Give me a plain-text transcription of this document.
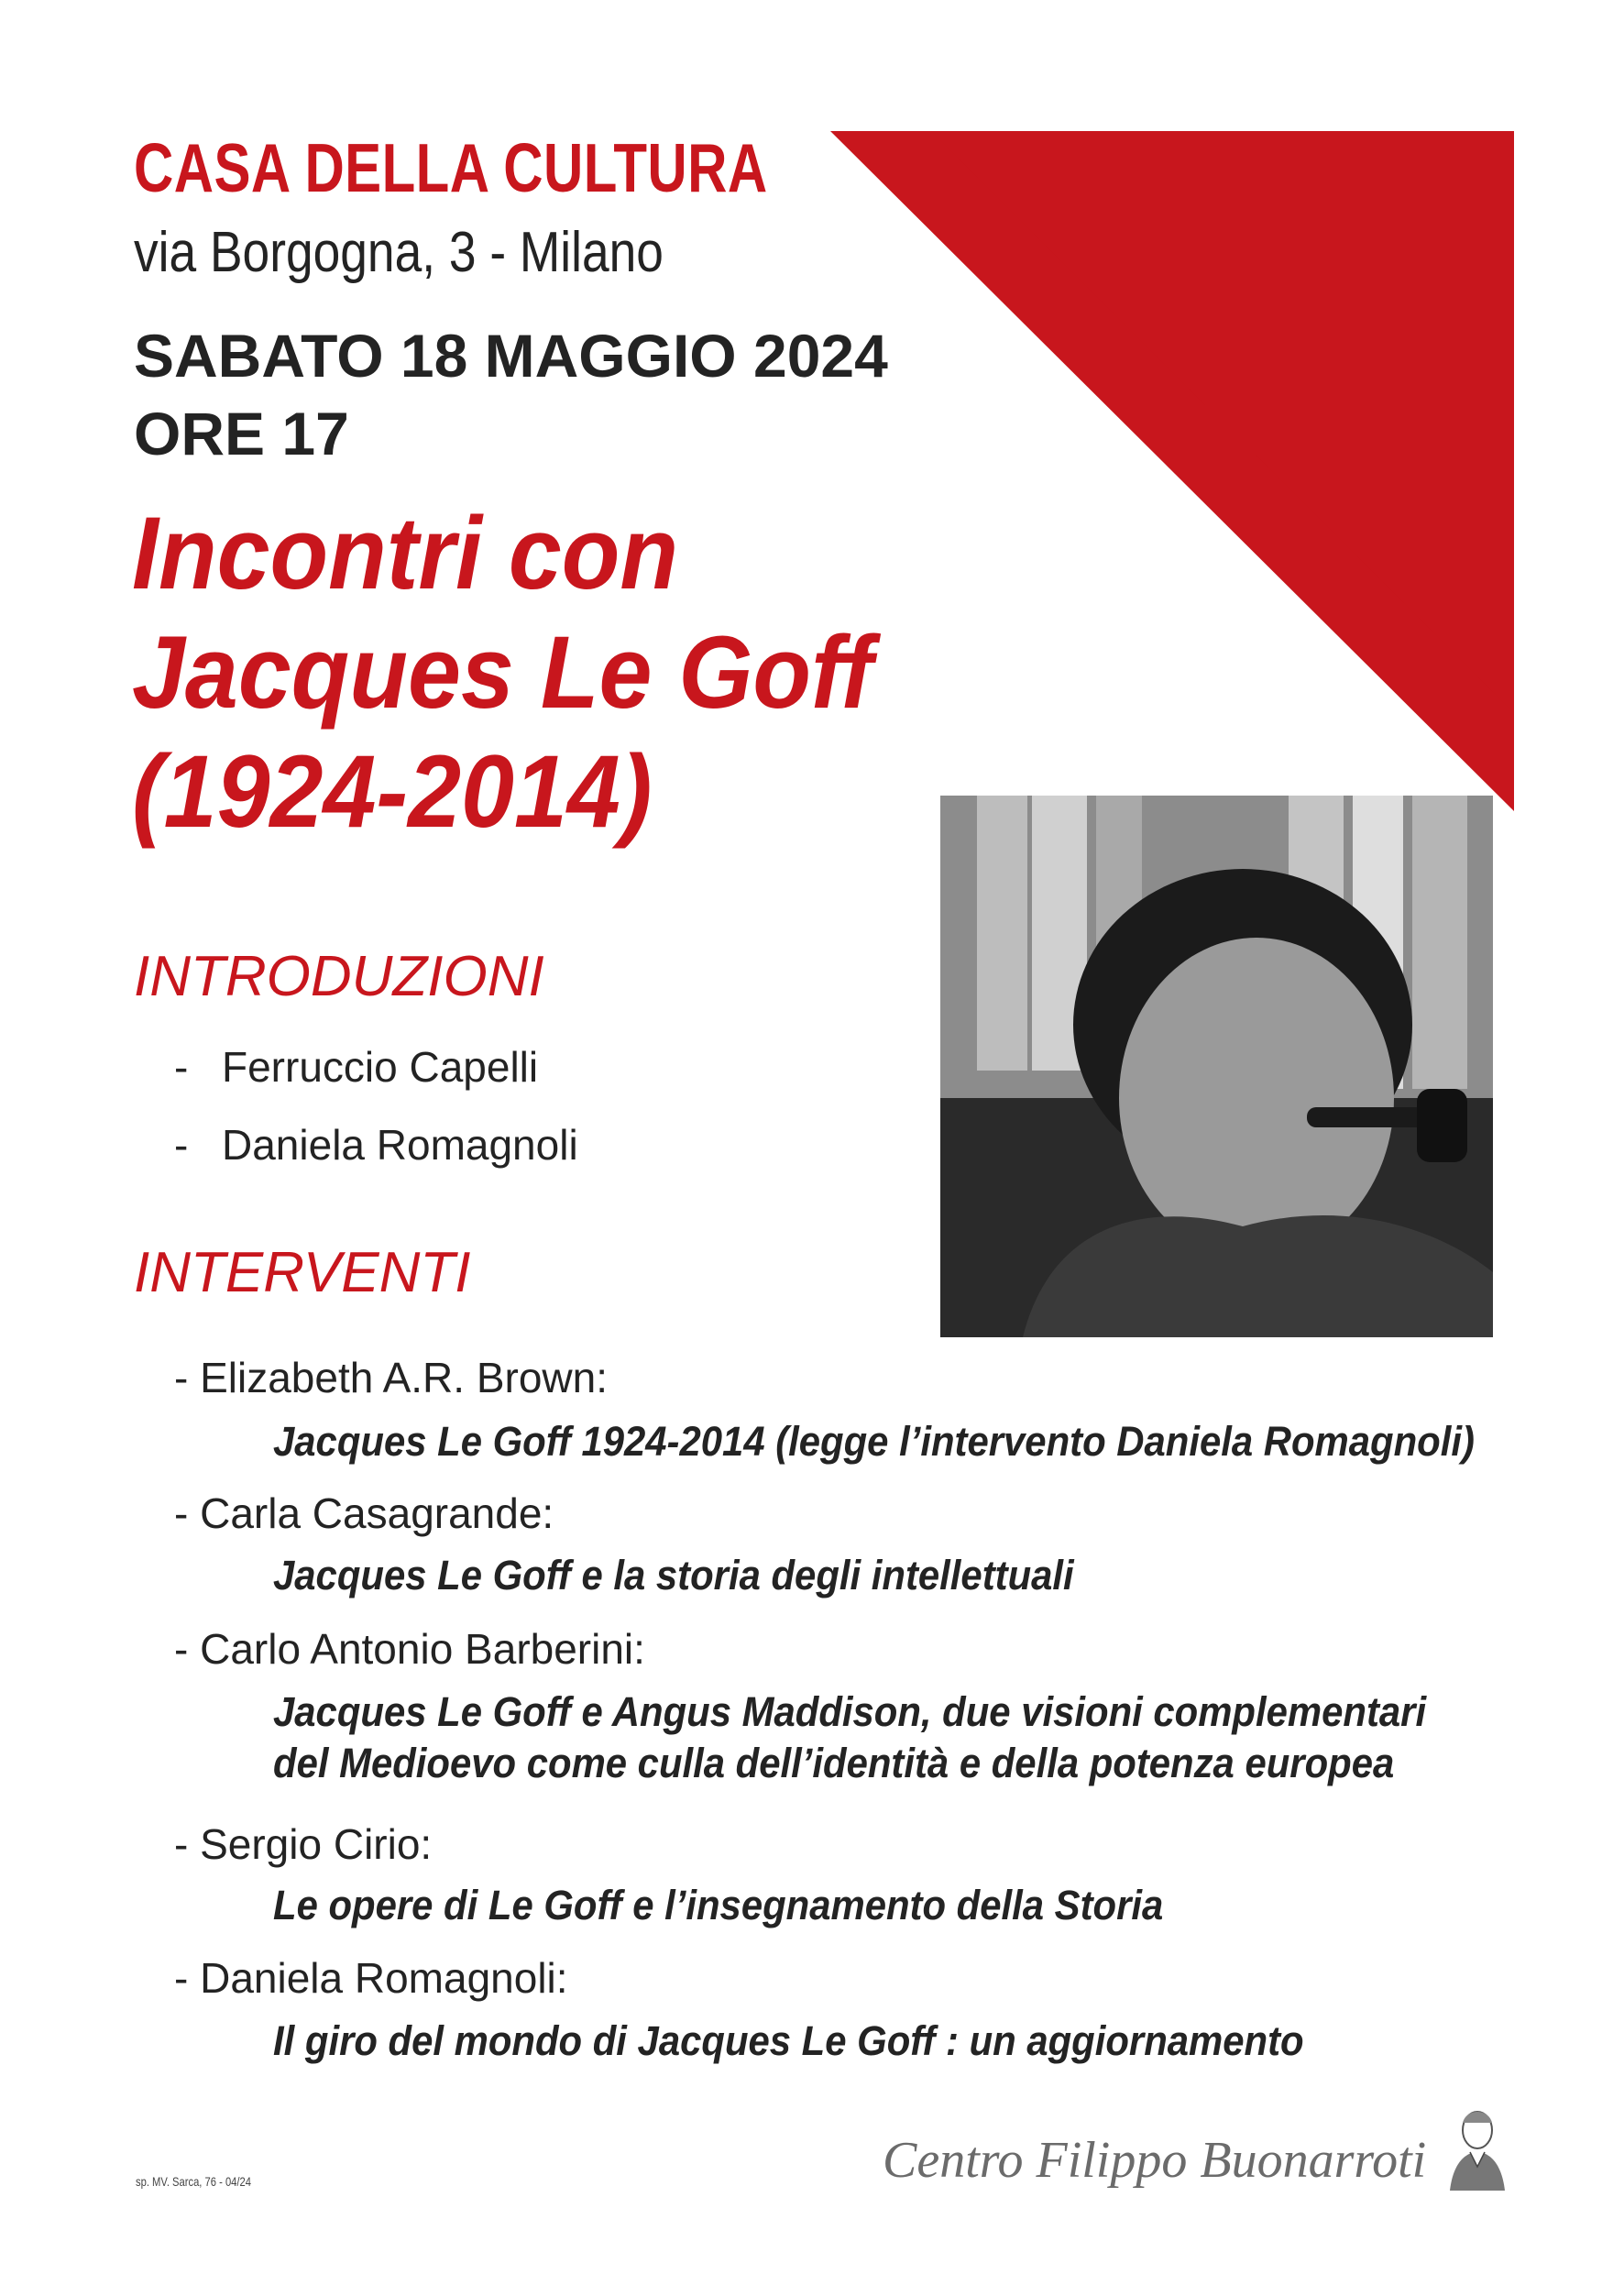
CASA DELLA CULTURA
via Borgogna, 3 - Milano
SABATO 18 MAGGIO 2024
ORE 17
Incontri con
Jacques Le Goff
(1924-2014)
INTRODUZIONI
- Ferruccio Capelli
- Daniela Romagnoli
INTERVENTI
- Elizabeth A.R. Brown:
Jacques Le Goff 1924-2014 (legge l’intervento Daniela Romagnoli)
- Carla Casagrande:
Jacques Le Goff e la storia degli intellettuali
- Carlo Antonio Barberini:
Jacques Le Goff e Angus Maddison, due visioni complementari
del Medioevo come culla dell’identità e della potenza europea
- Sergio Cirio:
Le opere di Le Goff e l’insegnamento della Storia
- Daniela Romagnoli:
Il giro del mondo di Jacques Le Goff : un aggiornamento
sp. MV. Sarca, 76 - 04/24	Centro Filippo Buonarroti
